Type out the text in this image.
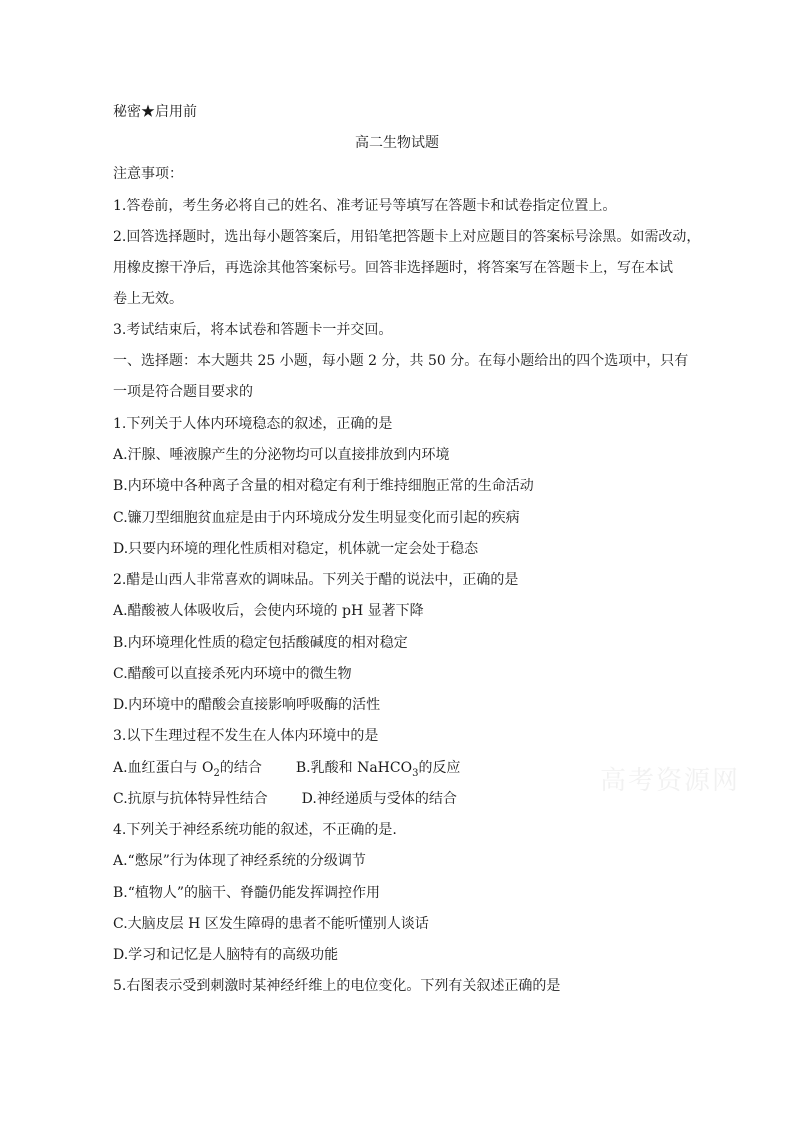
秘密★启用前
高二生物试题
注意事项：
1.答卷前，考生务必将自己的姓名、准考证号等填写在答题卡和试卷指定位置上。
2.回答选择题时，选出每小题答案后，用铅笔把答题卡上对应题目的答案标号涂黑。如需改动，
用橡皮擦干净后，再选涂其他答案标号。回答非选择题时，将答案写在答题卡上，写在本试
卷上无效。
3.考试结束后，将本试卷和答题卡一并交回。
一、选择题：本大题共 25 小题，每小题 2 分，共 50 分。在每小题给出的四个选项中，只有
一项是符合题目要求的
1.下列关于人体内环境稳态的叙述，正确的是
A.汗腺、唾液腺产生的分泌物均可以直接排放到内环境
B.内环境中各种离子含量的相对稳定有利于维持细胞正常的生命活动
C.镰刀型细胞贫血症是由于内环境成分发生明显变化而引起的疾病
D.只要内环境的理化性质相对稳定，机体就一定会处于稳态
2.醋是山西人非常喜欢的调味品。下列关于醋的说法中，正确的是
A.醋酸被人体吸收后，会使内环境的 pH 显著下降
B.内环境理化性质的稳定包括酸碱度的相对稳定
C.醋酸可以直接杀死内环境中的微生物
D.内环境中的醋酸会直接影响呼吸酶的活性
3.以下生理过程不发生在人体内环境中的是
A.血红蛋白与 $O_2$的结合 B.乳酸和 NaHCO$_3$的反应
C.抗原与抗体特异性结合 D.神经递质与受体的结合
4.下列关于神经系统功能的叙述，不正确的是.
A.“憋尿”行为体现了神经系统的分级调节
B.“植物人”的脑干、脊髓仍能发挥调控作用
C.大脑皮层 H 区发生障碍的患者不能听懂别人谈话
D.学习和记忆是人脑特有的高级功能
5.右图表示受到刺激时某神经纤维上的电位变化。下列有关叙述正确的是
高考资源网
